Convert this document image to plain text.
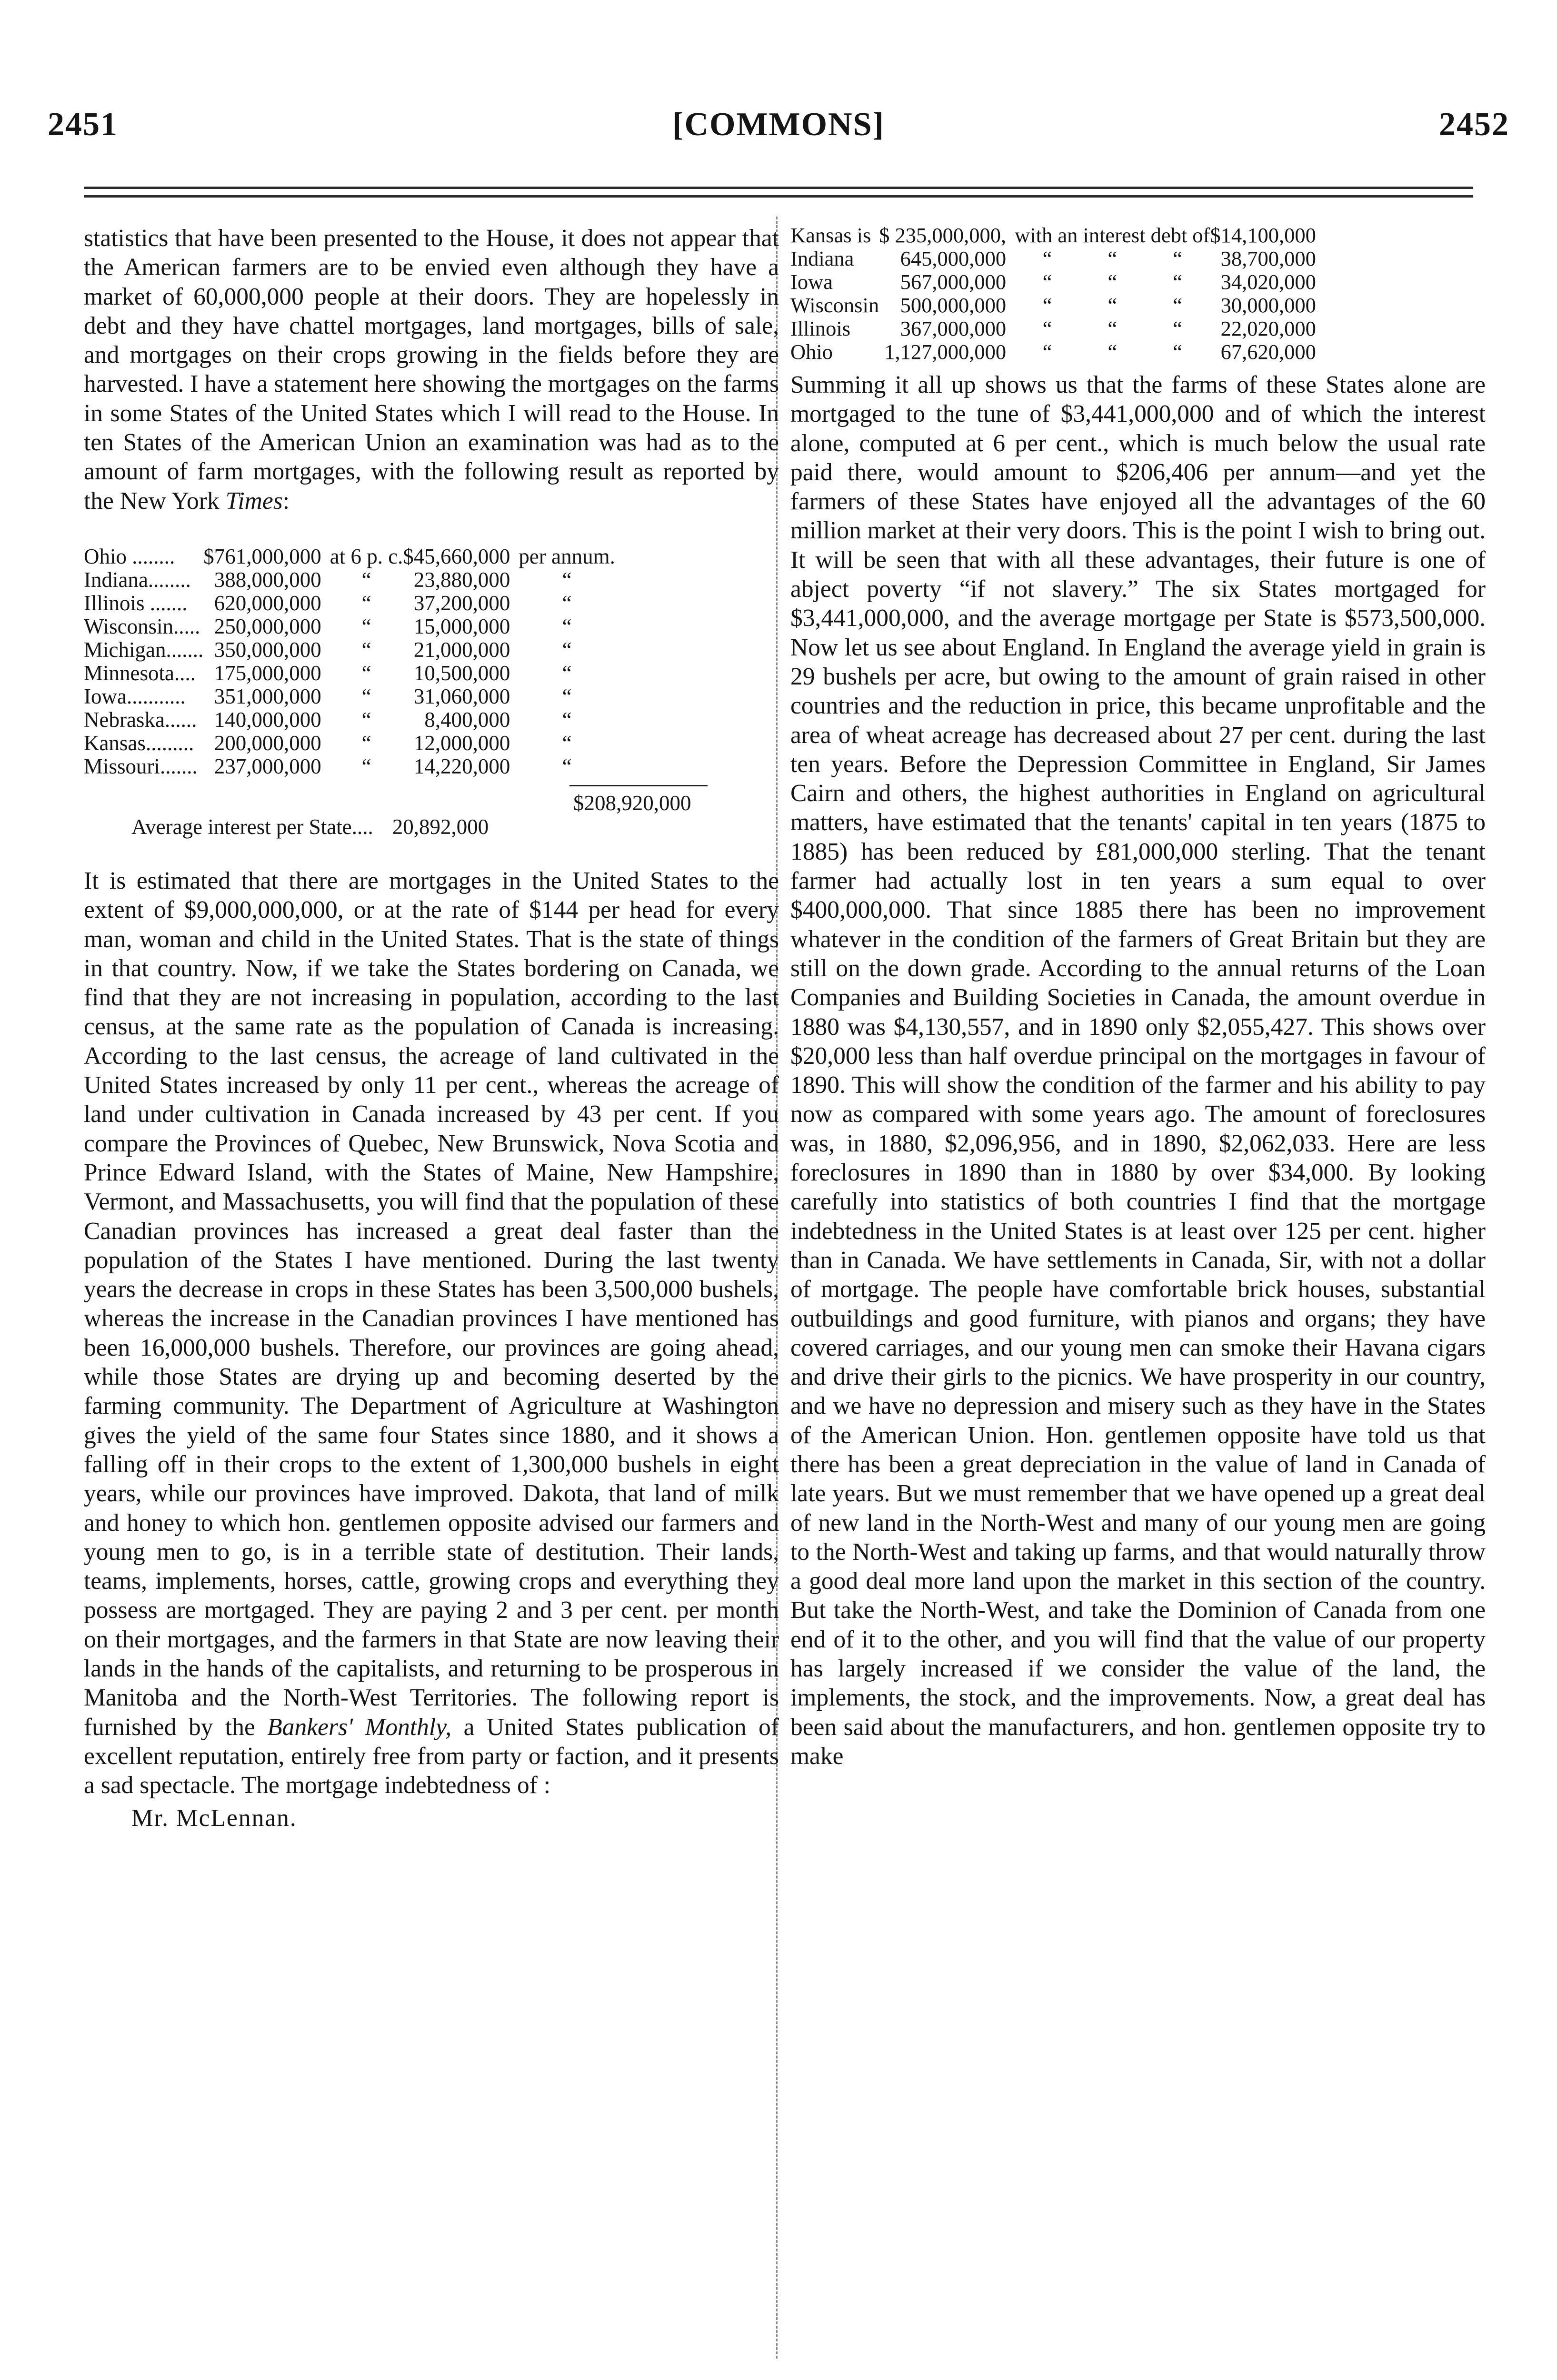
2451	[COMMONS]	2452

statistics that have been presented to the House, it does not appear that the American farmers are to be envied even although they have a market of 60,000,000 people at their doors. They are hopelessly in debt and they have chattel mortgages, land mortgages, bills of sale, and mortgages on their crops growing in the fields before they are harvested. I have a statement here showing the mortgages on the farms in some States of the United States which I will read to the House. In ten States of the American Union an examination was had as to the amount of farm mortgages, with the following result as reported by the New York Times:

Ohio ........	$761,000,000	at 6 p. c.	$45,660,000	per annum.
Indiana........	388,000,000	“	23,880,000	“
Illinois .......	620,000,000	“	37,200,000	“
Wisconsin.....	250,000,000	“	15,000,000	“
Michigan.......	350,000,000	“	21,000,000	“
Minnesota....	175,000,000	“	10,500,000	“
Iowa...........	351,000,000	“	31,060,000	“
Nebraska......	140,000,000	“	8,400,000	“
Kansas.........	200,000,000	“	12,000,000	“
Missouri.......	237,000,000	“	14,220,000	“
$208,920,000
Average interest per State.... 20,892,000

It is estimated that there are mortgages in the United States to the extent of $9,000,000,000, or at the rate of $144 per head for every man, woman and child in the United States. That is the state of things in that country. Now, if we take the States bordering on Canada, we find that they are not increasing in population, according to the last census, at the same rate as the population of Canada is increasing. According to the last census, the acreage of land cultivated in the United States increased by only 11 per cent., whereas the acreage of land under cultivation in Canada increased by 43 per cent. If you compare the Provinces of Quebec, New Brunswick, Nova Scotia and Prince Edward Island, with the States of Maine, New Hampshire, Vermont, and Massachusetts, you will find that the population of these Canadian provinces has increased a great deal faster than the population of the States I have mentioned. During the last twenty years the decrease in crops in these States has been 3,500,000 bushels, whereas the increase in the Canadian provinces I have mentioned has been 16,000,000 bushels. Therefore, our provinces are going ahead, while those States are drying up and becoming deserted by the farming community. The Department of Agriculture at Washington gives the yield of the same four States since 1880, and it shows a falling off in their crops to the extent of 1,300,000 bushels in eight years, while our provinces have improved. Dakota, that land of milk and honey to which hon. gentlemen opposite advised our farmers and young men to go, is in a terrible state of destitution. Their lands, teams, implements, horses, cattle, growing crops and everything they possess are mortgaged. They are paying 2 and 3 per cent. per month on their mortgages, and the farmers in that State are now leaving their lands in the hands of the capitalists, and returning to be prosperous in Manitoba and the North-West Territories. The following report is furnished by the Bankers' Monthly, a United States publication of excellent reputation, entirely free from party or faction, and it presents a sad spectacle. The mortgage indebtedness of :

Mr. McLennan.
Kansas is	$ 235,000,000,	with an interest debt of			$14,100,000
Indiana	645,000,000	“	“	“	38,700,000
Iowa	567,000,000	“	“	“	34,020,000
Wisconsin	500,000,000	“	“	“	30,000,000
Illinois	367,000,000	“	“	“	22,020,000
Ohio	1,127,000,000	“	“	“	67,620,000

Summing it all up shows us that the farms of these States alone are mortgaged to the tune of $3,441,000,000 and of which the interest alone, computed at 6 per cent., which is much below the usual rate paid there, would amount to $206,406 per annum—and yet the farmers of these States have enjoyed all the advantages of the 60 million market at their very doors. This is the point I wish to bring out. It will be seen that with all these advantages, their future is one of abject poverty “if not slavery.” The six States mortgaged for $3,441,000,000, and the average mortgage per State is $573,500,000. Now let us see about England. In England the average yield in grain is 29 bushels per acre, but owing to the amount of grain raised in other countries and the reduction in price, this became unprofitable and the area of wheat acreage has decreased about 27 per cent. during the last ten years. Before the Depression Committee in England, Sir James Cairn and others, the highest authorities in England on agricultural matters, have estimated that the tenants' capital in ten years (1875 to 1885) has been reduced by £81,000,000 sterling. That the tenant farmer had actually lost in ten years a sum equal to over $400,000,000. That since 1885 there has been no improvement whatever in the condition of the farmers of Great Britain but they are still on the down grade. According to the annual returns of the Loan Companies and Building Societies in Canada, the amount overdue in 1880 was $4,130,557, and in 1890 only $2,055,427. This shows over $20,000 less than half overdue principal on the mortgages in favour of 1890. This will show the condition of the farmer and his ability to pay now as compared with some years ago. The amount of foreclosures was, in 1880, $2,096,956, and in 1890, $2,062,033. Here are less foreclosures in 1890 than in 1880 by over $34,000. By looking carefully into statistics of both countries I find that the mortgage indebtedness in the United States is at least over 125 per cent. higher than in Canada. We have settlements in Canada, Sir, with not a dollar of mortgage. The people have comfortable brick houses, substantial outbuildings and good furniture, with pianos and organs; they have covered carriages, and our young men can smoke their Havana cigars and drive their girls to the picnics. We have prosperity in our country, and we have no depression and misery such as they have in the States of the American Union. Hon. gentlemen opposite have told us that there has been a great depreciation in the value of land in Canada of late years. But we must remember that we have opened up a great deal of new land in the North-West and many of our young men are going to the North-West and taking up farms, and that would naturally throw a good deal more land upon the market in this section of the country. But take the North-West, and take the Dominion of Canada from one end of it to the other, and you will find that the value of our property has largely increased if we consider the value of the land, the implements, the stock, and the improvements. Now, a great deal has been said about the manufacturers, and hon. gentlemen opposite try to make
